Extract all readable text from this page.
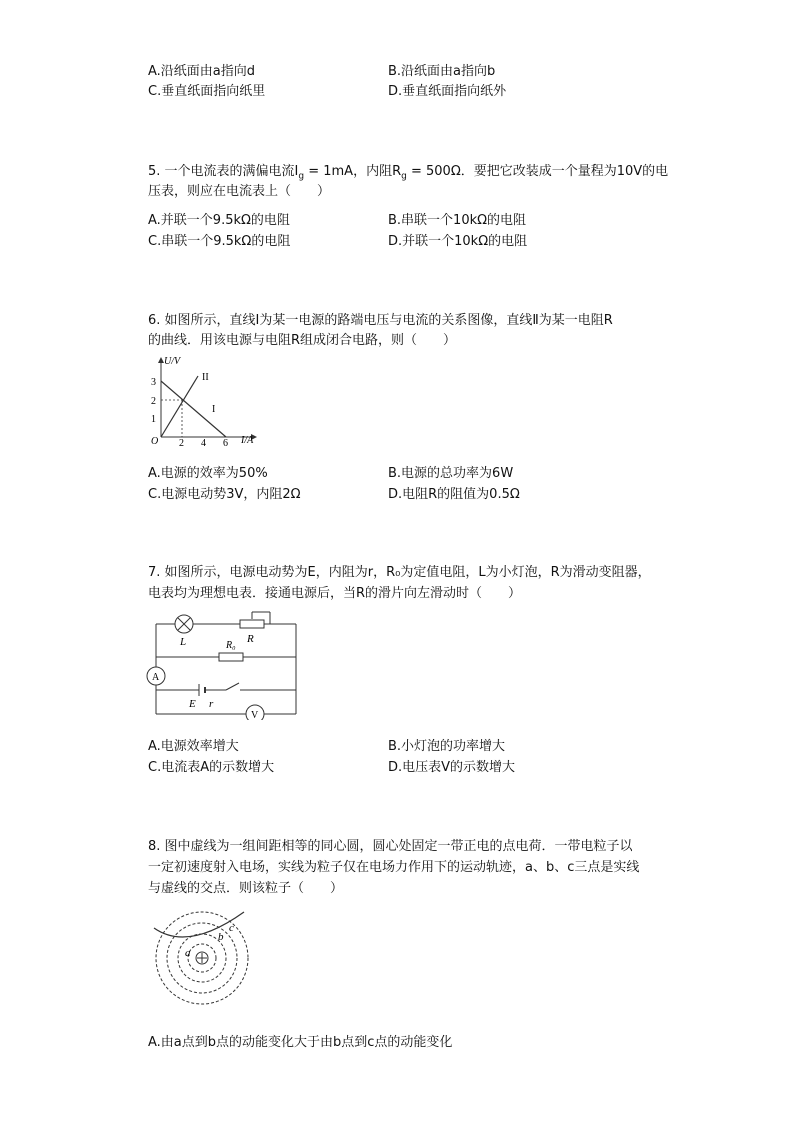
A.沿纸面由a指向d	B.沿纸面由a指向b
C.垂直纸面指向纸里	D.垂直纸面指向纸外
5. 一个电流表的满偏电流$I_g = 1mA$，内阻$R_g = 500\Omega$．要把它改装成一个量程为10V的电
压表，则应在电流表上（　　）
A.并联一个9.5kΩ的电阻	B.串联一个10kΩ的电阻
C.串联一个9.5kΩ的电阻	D.并联一个10kΩ的电阻
6. 如图所示，直线Ⅰ为某一电源的路端电压与电流的关系图像，直线Ⅱ为某一电阻R
的曲线．用该电源与电阻R组成闭合电路，则（　　）
U/V
I/A
O
1
2
3
2 4 6
I
II
A.电源的效率为50%	B.电源的总功率为6W
C.电源电动势3V，内阻2Ω	D.电阻R的阻值为0.5Ω
7. 如图所示，电源电动势为E，内阻为r，R₀为定值电阻，L为小灯泡，R为滑动变阻器，
电表均为理想电表．接通电源后，当R的滑片向左滑动时（　　）
L	R
R₀
A
E r
V
A.电源效率增大	B.小灯泡的功率增大
C.电流表A的示数增大	D.电压表V的示数增大
8. 图中虚线为一组间距相等的同心圆，圆心处固定一带正电的点电荷．一带电粒子以
一定初速度射入电场，实线为粒子仅在电场力作用下的运动轨迹，a、b、c三点是实线
与虚线的交点．则该粒子（　　）
a
b
c
A.由a点到b点的动能变化大于由b点到c点的动能变化
